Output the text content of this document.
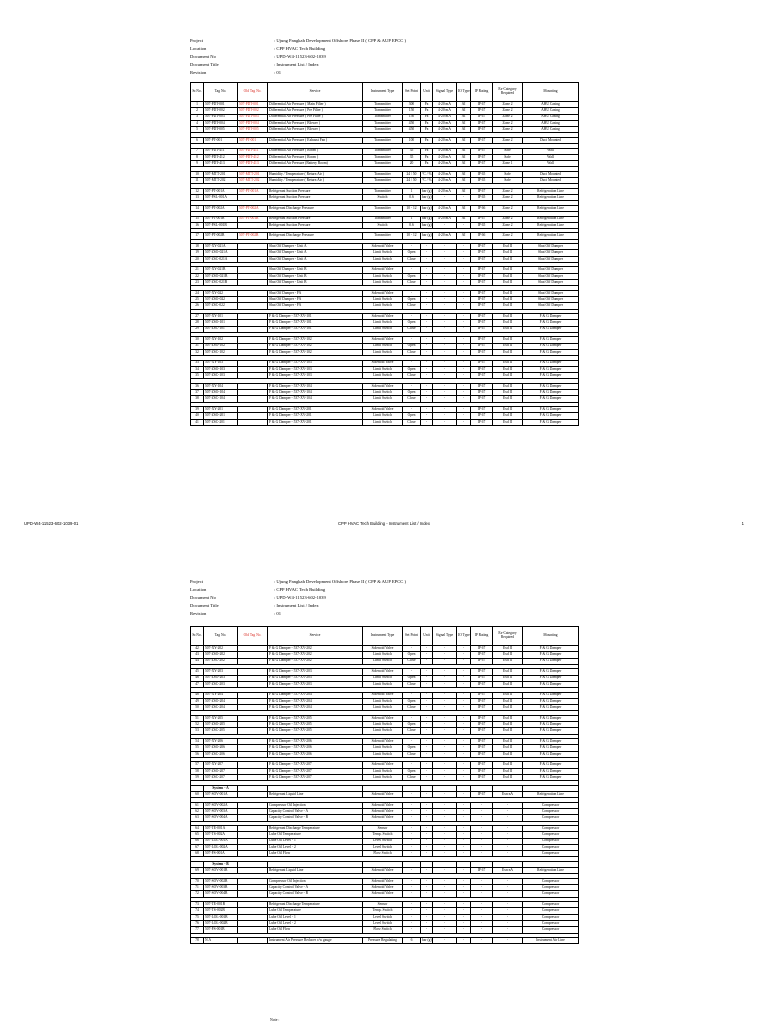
Project	: Ujung Pangkah Development Offshore Phase II ( CPP & AUP EPCC )
Location	: CPP HVAC Tech Building
Document No	: UPD-W4-11523-602-1039
Document Title	: Instrument List / Index
Revision	: 01
Sr.No.	Tag No.	Old Tag No.	Service	Instrument Type	Set Point	Unit	Signal Type	IO Type	IP Rating	Ex-Category Required	Mounting
1	507-PDT-001	507-PDT-001	Differential Air Pressure ( Main Filter )	Transmitter	300	Pa	4-20 mA	AI	IP 67	Zone 2	AHU Casing
2	507-PDT-002	507-PDT-002	Differential Air Pressure ( Pre Filter )	Transmitter	150	Pa	4-20 mA	AI	IP 67	Zone 2	AHU Casing
3	507-PDT-003	507-PDT-003	Differential Air Pressure ( Pre Filter )	Transmitter	150	Pa	4-20 mA	AI	IP 67	Zone 2	AHU Casing
4	507-PDT-004	507-PDT-004	Differential Air Pressure ( Blower )	Transmitter	450	Pa	4-20 mA	AI	IP 67	Zone 2	AHU Casing
5	507-PDT-005	507-PDT-005	Differential Air Pressure ( Blower )	Transmitter	450	Pa	4-20 mA	AI	IP 67	Zone 2	AHU Casing

6	507-PT-001	507-PT-001	Differential Air Pressure ( Exhaust Fan )	Transmitter	100	Pa	4-20 mA	AI	IP 67	Zone 2	Duct Mounted

7	507-PDT-411	507-PDT-411	Differential Air Pressure ( Room )	Transmitter	35	Pa	4-20 mA	AI	IP 67	Safe	Wall
8	507-PDT-412	507-PDT-412	Differential Air Pressure ( Room )	Transmitter	35	Pa	4-20 mA	AI	IP 67	Safe	Wall
9	507-PDT-413	507-PDT-413	Differential Air Pressure (Battery Room)	Transmitter	20	Pa	4-20 mA	AI	IP 67	Zone 1	Wall

10	507-MTT-201	507-MTT-201	Humidity / Temperature ( Return Air )	Transmitter	24 / 50	°C / %	4-20 mA	AI	IP 65	Safe	Duct Mounted
11	507-MTT-202	507-MTT-202	Humidity / Temperature ( Return Air )	Transmitter	24 / 50	°C / %	4-20 mA	AI	IP 65	Safe	Duct Mounted

12	507-PT-001A	507-PT-001A	Refrigerant Suction Pressure	Transmitter	1	bar (g)	4-20 mA	AI	IP 67	Zone 2	Refrigeration Line
13	507-PSL-001A		Refrigerant Suction Pressure	Switch	0.6	bar (g)	-	-	IP 65	Zone 2	Refrigeration Line

14	507-PT-002A	507-PT-002A	Refrigerant Discharge Pressure	Transmitter	10 - 12	bar (g)	4-20 mA	AI	IP 66	Zone 2	Refrigeration Line

15	507-PT-001B	507-PT-001B	Refrigerant Suction Pressure	Transmitter	1	bar (g)	4-20 mA	AI	IP 67	Zone 2	Refrigeration Line
16	507-PSL-001B		Refrigerant Suction Pressure	Switch	0.6	bar (g)	-	-	IP 65	Zone 2	Refrigeration Line

17	507-PT-002B	507-PT-002B	Refrigerant Discharge Pressure	Transmitter	10 - 12	bar (g)	4-20 mA	AI	IP 66	Zone 2	Refrigeration Line

18	507-XY-021A		Shut Off Damper - Unit A	Solenoid Valve	-	-	-	-	IP 67	Exd II	Shut Off Damper
19	507-ZSO-021A		Shut Off Damper - Unit A	Limit Switch	Open	-	-	-	IP 67	Exd II	Shut Off Damper
20	507-ZSC-021A		Shut Off Damper - Unit A	Limit Switch	Close	-	-	-	IP 67	Exd II	Shut Off Damper

21	507-XY-021B		Shut Off Damper - Unit B	Solenoid Valve	-	-	-	-	IP 67	Exd II	Shut Off Damper
22	507-ZSO-021B		Shut Off Damper - Unit B	Limit Switch	Open	-	-	-	IP 67	Exd II	Shut Off Damper
23	507-ZSC-021B		Shut Off Damper - Unit B	Limit Switch	Close	-	-	-	IP 67	Exd II	Shut Off Damper

24	507-XY-022		Shut Off Damper - FA	Solenoid Valve	-	-	-	-	IP 67	Exd II	Shut Off Damper
25	507-ZSO-022		Shut Off Damper - FA	Limit Switch	Open	-	-	-	IP 67	Exd II	Shut Off Damper
26	507-ZSC-022		Shut Off Damper - FA	Limit Switch	Close	-	-	-	IP 67	Exd II	Shut Off Damper

27	507-XY-101		F & G Damper - 537-XV-101	Solenoid Valve	-	-	-	-	IP 67	Exd II	F & G Damper
28	507-ZSO-101		F & G Damper - 537-XV-101	Limit Switch	Open	-	-	-	IP 67	Exd II	F & G Damper
29	507-ZSC-101		F & G Damper - 537-XV-101	Limit Switch	Close	-	-	-	IP 67	Exd II	F & G Damper

30	507-XY-102		F & G Damper - 537-XV-102	Solenoid Valve	-	-	-	-	IP 67	Exd II	F & G Damper
31	507-ZSO-102		F & G Damper - 537-XV-102	Limit Switch	Open	-	-	-	IP 67	Exd II	F & G Damper
32	507-ZSC-102		F & G Damper - 537-XV-102	Limit Switch	Close	-	-	-	IP 67	Exd II	F & G Damper

33	507-XY-103		F & G Damper - 537-XV-103	Solenoid Valve	-	-	-	-	IP 67	Exd II	F & G Damper
34	507-ZSO-103		F & G Damper - 537-XV-103	Limit Switch	Open	-	-	-	IP 67	Exd II	F & G Damper
35	507-ZSC-103		F & G Damper - 537-XV-103	Limit Switch	Close	-	-	-	IP 67	Exd II	F & G Damper

36	507-XY-104		F & G Damper - 537-XV-104	Solenoid Valve	-	-	-	-	IP 67	Exd II	F & G Damper
37	507-ZSO-104		F & G Damper - 537-XV-104	Limit Switch	Open	-	-	-	IP 67	Exd II	F & G Damper
38	507-ZSC-104		F & G Damper - 537-XV-104	Limit Switch	Close	-	-	-	IP 67	Exd II	F & G Damper

39	507-XY-201		F & G Damper - 537-XV-201	Solenoid Valve	-	-	-	-	IP 67	Exd II	F & G Damper
40	507-ZSO-201		F & G Damper - 537-XV-201	Limit Switch	Open	-	-	-	IP 67	Exd II	F & G Damper
41	507-ZSC-201		F & G Damper - 537-XV-201	Limit Switch	Close	-	-	-	IP 67	Exd II	F & G Damper
UPD-W4-11523-602-1039-01	CPP HVAC Tech Building - Instrument List / Index	1
Project	: Ujung Pangkah Development Offshore Phase II ( CPP & AUP EPCC )
Location	: CPP HVAC Tech Building
Document No	: UPD-W4-11523-602-1039
Document Title	: Instrument List / Index
Revision	: 01
Sr.No.	Tag No.	Old Tag No.	Service	Instrument Type	Set Point	Unit	Signal Type	IO Type	IP Rating	Ex-Category Required	Mounting
42	507-XY-202		F & G Damper - 537-XV-202	Solenoid Valve	-	-	-	-	IP 67	Exd II	F & G Damper
43	507-ZSO-202		F & G Damper - 537-XV-202	Limit Switch	Open	-	-	-	IP 67	Exd II	F & G Damper
44	507-ZSC-202		F & G Damper - 537-XV-202	Limit Switch	Close	-	-	-	IP 67	Exd II	F & G Damper

45	507-XY-203		F & G Damper - 537-XV-203	Solenoid Valve	-	-	-	-	IP 67	Exd II	F & G Damper
46	507-ZSO-203		F & G Damper - 537-XV-203	Limit Switch	Open	-	-	-	IP 67	Exd II	F & G Damper
47	507-ZSC-203		F & G Damper - 537-XV-203	Limit Switch	Close	-	-	-	IP 67	Exd II	F & G Damper

48	507-XY-204		F & G Damper - 537-XV-204	Solenoid Valve	-	-	-	-	IP 67	Exd II	F & G Damper
49	507-ZSO-204		F & G Damper - 537-XV-204	Limit Switch	Open	-	-	-	IP 67	Exd II	F & G Damper
50	507-ZSC-204		F & G Damper - 537-XV-204	Limit Switch	Close	-	-	-	IP 67	Exd II	F & G Damper

51	507-XY-205		F & G Damper - 537-XV-205	Solenoid Valve	-	-	-	-	IP 67	Exd II	F & G Damper
52	507-ZSO-205		F & G Damper - 537-XV-205	Limit Switch	Open	-	-	-	IP 67	Exd II	F & G Damper
53	507-ZSC-205		F & G Damper - 537-XV-205	Limit Switch	Close	-	-	-	IP 67	Exd II	F & G Damper

54	507-XY-206		F & G Damper - 537-XV-206	Solenoid Valve	-	-	-	-	IP 67	Exd II	F & G Damper
55	507-ZSO-206		F & G Damper - 537-XV-206	Limit Switch	Open	-	-	-	IP 67	Exd II	F & G Damper
56	507-ZSC-206		F & G Damper - 537-XV-206	Limit Switch	Close	-	-	-	IP 67	Exd II	F & G Damper

57	507-XY-207		F & G Damper - 537-XV-207	Solenoid Valve	-	-	-	-	IP 67	Exd II	F & G Damper
58	507-ZSO-207		F & G Damper - 537-XV-207	Limit Switch	Open	-	-	-	IP 67	Exd II	F & G Damper
59	507-ZSC-207		F & G Damper - 537-XV-207	Limit Switch	Close	-	-	-	IP 67	Exd II	F & G Damper

	System - A										
60	507-SOV-001A		Refrigerant Liquid Line	Solenoid Valve	-	-	-	-	IP 67	Exn nA	Refrigeration Line

61	507-SOV-002A		Compressor Oil Injection	Solenoid Valve	-	-	-	-	-	-	Compressor
62	507-SOV-003A		Capacity Control Valve - A	Solenoid Valve	-	-	-	-	-	-	Compressor
63	507-SOV-004A		Capacity Control Valve - B	Solenoid Valve	-	-	-	-	-	-	Compressor

64	507-TE-001A		Refrigerant Discharge Temperature	Sensor	-	-	-	-	-	-	Compressor
65	507-TS-002A		Lube Oil Temperature	Temp. Switch	-	-	-	-	-	-	Compressor
66	507-LOL-001A		Lube Oil Level - 1	Level Switch	-	-	-	-	-	-	Compressor
67	507-LOL-002A		Lube Oil Level - 2	Level Switch	-	-	-	-	-	-	Compressor
68	507-FS-001A		Lube Oil Flow	Flow Switch	-	-	-	-	-	-	Compressor

	System - B										
69	507-SOV-001B		Refrigerant Liquid Line	Solenoid Valve	-	-	-	-	IP 67	Exn nA	Refrigeration Line

70	507-SOV-002B		Compressor Oil Injection	Solenoid Valve	-	-	-	-	-	-	Compressor
71	507-SOV-003B		Capacity Control Valve - A	Solenoid Valve	-	-	-	-	-	-	Compressor
72	507-SOV-004B		Capacity Control Valve - B	Solenoid Valve	-	-	-	-	-	-	Compressor

73	507-TE-001B		Refrigerant Discharge Temperature	Sensor	-	-	-	-	-	-	Compressor
74	507-TS-002B		Lube Oil Temperature	Temp. Switch	-	-	-	-	-	-	Compressor
75	507-LOL-001B		Lube Oil Level - 1	Level Switch	-	-	-	-	-	-	Compressor
76	507-LOL-002B		Lube Oil Level - 2	Level Switch	-	-	-	-	-	-	Compressor
77	507-FS-001B		Lube Oil Flow	Flow Switch	-	-	-	-	-	-	Compressor

78	N.A		Instrument Air Pressure Reducer c/w gauge	Pressure Regulating	6	bar (g)	-	-	-	-	Instrument Air Line
Note :
